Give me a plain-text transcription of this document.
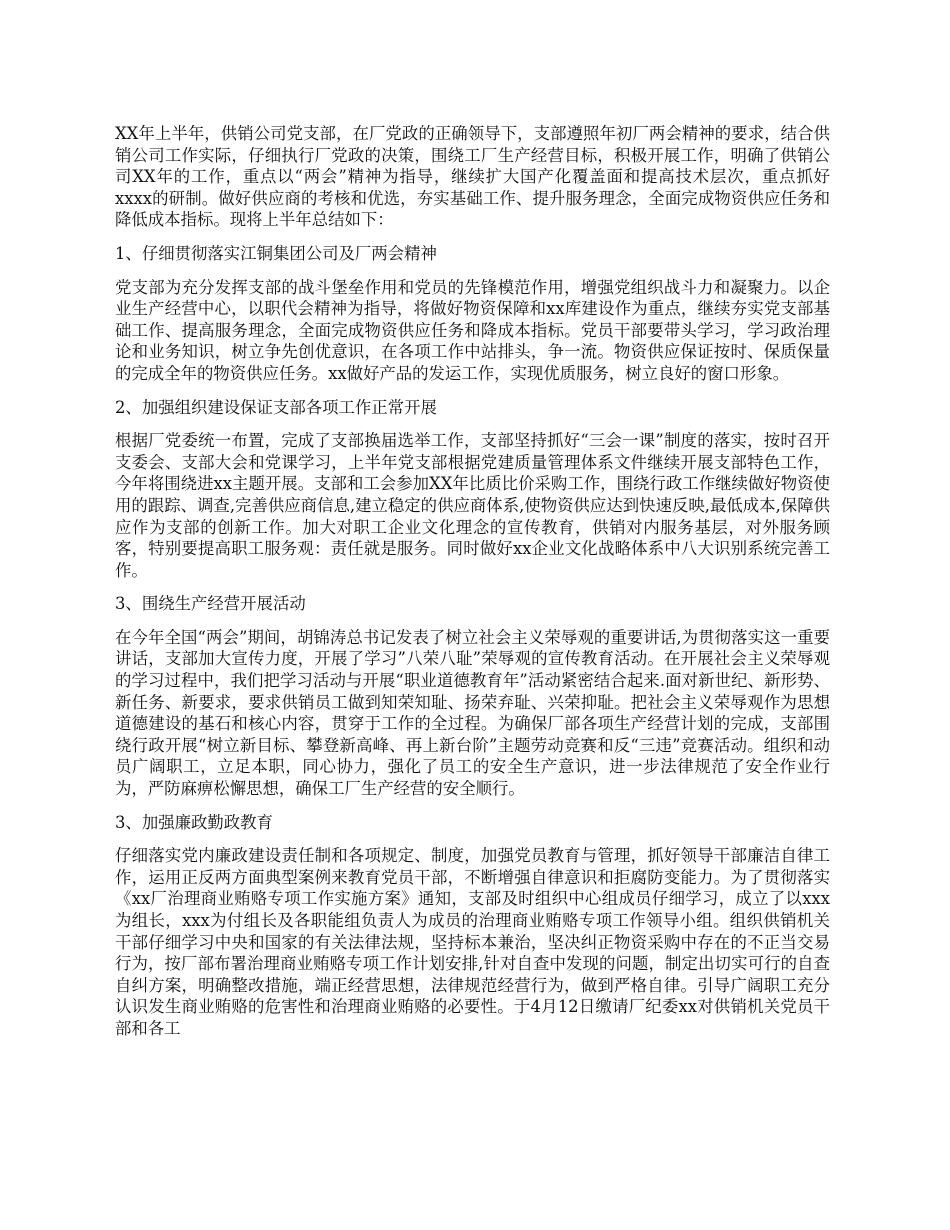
XX年上半年，供销公司党支部，在厂党政的正确领导下，支部遵照年初厂两会精神的要求，结合供销公司工作实际，仔细执行厂党政的决策，围绕工厂生产经营目标，积极开展工作，明确了供销公司XX年的工作，重点以“两会”精神为指导，继续扩大国产化覆盖面和提高技术层次，重点抓好xxxx的研制。做好供应商的考核和优选，夯实基础工作、提升服务理念，全面完成物资供应任务和降低成本指标。现将上半年总结如下：

1、仔细贯彻落实江铜集团公司及厂两会精神

党支部为充分发挥支部的战斗堡垒作用和党员的先锋模范作用，增强党组织战斗力和凝聚力。以企业生产经营中心，以职代会精神为指导，将做好物资保障和xx库建设作为重点，继续夯实党支部基础工作、提高服务理念，全面完成物资供应任务和降成本指标。党员干部要带头学习，学习政治理论和业务知识，树立争先创优意识，在各项工作中站排头，争一流。物资供应保证按时、保质保量的完成全年的物资供应任务。xx做好产品的发运工作，实现优质服务，树立良好的窗口形象。

2、加强组织建设保证支部各项工作正常开展

根据厂党委统一布置，完成了支部换届选举工作，支部坚持抓好“三会一课”制度的落实，按时召开支委会、支部大会和党课学习，上半年党支部根据党建质量管理体系文件继续开展支部特色工作，今年将围绕进xx主题开展。支部和工会参加XX年比质比价采购工作，围绕行政工作继续做好物资使用的跟踪、调查,完善供应商信息,建立稳定的供应商体系,使物资供应达到快速反映,最低成本,保障供应作为支部的创新工作。加大对职工企业文化理念的宣传教育，供销对内服务基层，对外服务顾客，特别要提高职工服务观：责任就是服务。同时做好xx企业文化战略体系中八大识别系统完善工作。

3、围绕生产经营开展活动

在今年全国“两会”期间，胡锦涛总书记发表了树立社会主义荣辱观的重要讲话,为贯彻落实这一重要讲话，支部加大宣传力度，开展了学习”八荣八耻”荣辱观的宣传教育活动。在开展社会主义荣辱观的学习过程中，我们把学习活动与开展“职业道德教育年”活动紧密结合起来.面对新世纪、新形势、新任务、新要求，要求供销员工做到知荣知耻、扬荣弃耻、兴荣抑耻。把社会主义荣辱观作为思想道德建设的基石和核心内容，贯穿于工作的全过程。为确保厂部各项生产经营计划的完成，支部围绕行政开展“树立新目标、攀登新高峰、再上新台阶”主题劳动竞赛和反“三违”竞赛活动。组织和动员广阔职工，立足本职，同心协力，强化了员工的安全生产意识，进一步法律规范了安全作业行为，严防麻痹松懈思想，确保工厂生产经营的安全顺行。

3、加强廉政勤政教育

仔细落实党内廉政建设责任制和各项规定、制度，加强党员教育与管理，抓好领导干部廉洁自律工作，运用正反两方面典型案例来教育党员干部，不断增强自律意识和拒腐防变能力。为了贯彻落实《xx厂治理商业贿赂专项工作实施方案》通知，支部及时组织中心组成员仔细学习，成立了以xxx为组长，xxx为付组长及各职能组负责人为成员的治理商业贿赂专项工作领导小组。组织供销机关干部仔细学习中央和国家的有关法律法规，坚持标本兼治，坚决纠正物资采购中存在的不正当交易行为，按厂部布署治理商业贿赂专项工作计划安排,针对自查中发现的问题，制定出切实可行的自查自纠方案，明确整改措施，端正经营思想，法律规范经营行为，做到严格自律。引导广阔职工充分认识发生商业贿赂的危害性和治理商业贿赂的必要性。于4月12日缴请厂纪委xx对供销机关党员干部和各工
